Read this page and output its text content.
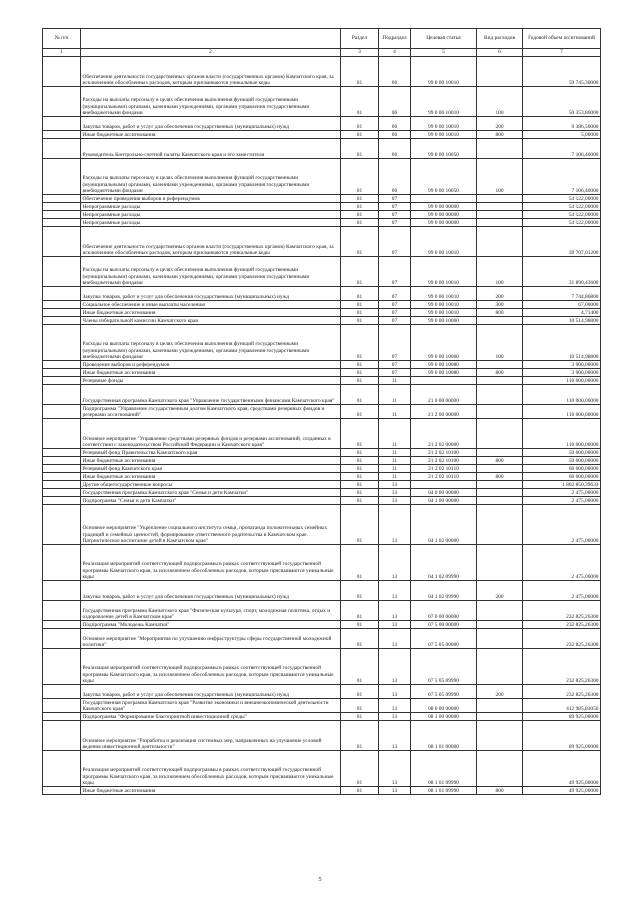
№ п/п		Раздел	Подраздел	Целевая статья	Вид расходов	Годовой объем ассигнований
1	2	3	4	5	6	7
	Обеспечение деятельности государственных органов власти (государственных органов) Камчатского края, за исключением обособленных расходов, которым присваиваются уникальные коды	01	06	99 0 00 10010		59 745,30000
	Расходы на выплаты персоналу в целях обеспечения выполнения функций государственными (муниципальными) органами, казенными учреждениями, органами управления государственными внебюджетными фондами	01	06	99 0 00 10010	100	50 353,80000
	Закупка товаров, работ и услуг для обеспечения государственных (муниципальных) нужд	01	06	99 0 00 10010	200	9 386,50000
	Иные бюджетные ассигнования	01	06	99 0 00 10010	800	5,00000
	Руководитель Контрольно-счетной палаты Камчатского края и его заместители	01	06	99 0 00 10050		7 106,40000
	Расходы на выплаты персоналу в целях обеспечения выполнения функций государственными (муниципальными) органами, казенными учреждениями, органами управления государственными внебюджетными фондами	01	06	99 0 00 10050	100	7 106,40000
	Обеспечение проведения выборов и референдумов	01	07			54 122,00000
	Непрограммные расходы	01	07	99 0 00 00000		54 122,00000
	Непрограммные расходы	01	07	99 0 00 00000		54 122,00000
	Непрограммные расходы	01	07	99 0 00 00000		54 122,00000
	Обеспечение деятельности государственных органов власти (государственных органов) Камчатского края, за исключением обособленных расходов, которым присваиваются уникальные коды	01	07	99 0 00 10010		39 707,01200
	Расходы на выплаты персоналу в целях обеспечения выполнения функций государственными (муниципальными) органами, казенными учреждениями, органами управления государственными внебюджетными фондами	01	07	99 0 00 10010	100	31 890,43600
	Закупка товаров, работ и услуг для обеспечения государственных (муниципальных) нужд	01	07	99 0 00 10010	200	7 744,86800
	Социальное обеспечение и иные выплаты населению	01	07	99 0 00 10010	300	67,00000
	Иные бюджетные ассигнования	01	07	99 0 00 10010	800	4,71400
	Члены избирательной комиссии Камчатского края	01	07	99 0 00 10060		10 514,98800
	Расходы на выплаты персоналу в целях обеспечения выполнения функций государственными (муниципальными) органами, казенными учреждениями, органами управления государственными внебюджетными фондами	01	07	99 0 00 10060	100	10 514,98800
	Проведение выборов и референдумов	01	07	99 0 00 10080		3 900,00000
	Иные бюджетные ассигнования	01	07	99 0 00 10080	800	3 900,00000
	Резервные фонды	01	11			110 000,00000
	Государственная программа Камчатского края "Управление государственными финансами Камчатского края"	01	11	21 0 00 00000		110 000,00000
	Подпрограмма "Управление государственным долгом Камчатского края, средствами резервных фондов и резервами ассигнований"	01	11	21 2 00 00000		110 000,00000
	Основное мероприятие "Управление средствами резервных фондов и резервами ассигнований, созданных в соответствии с законодательством Российской Федерации и Камчатского края"	01	11	21 2 02 00000		110 000,00000
	Резервный фонд Правительства Камчатского края	01	11	21 2 02 10100		50 000,00000
	Иные бюджетные ассигнования	01	11	21 2 02 10100	800	50 000,00000
	Резервный фонд Камчатского края	01	11	21 2 02 10110		60 000,00000
	Иные бюджетные ассигнования	01	11	21 2 02 10110	800	60 000,00000
	Другие общегосударственные вопросы	01	13			1 802 850,39633
	Государственная программа Камчатского края "Семья и дети Камчатки"	01	13	04 0 00 00000		2 475,00000
	Подпрограмма "Семья и дети Камчатки"	01	13	04 1 00 00000		2 475,00000
	Основное мероприятие "Укрепление социального института семьи, пропаганда положительных семейных традиций и семейных ценностей, формирование ответственного родительства в Камчатском крае. Патриотическое воспитание детей в Камчатском крае"	01	13	04 1 02 00000		2 475,00000
	Реализация мероприятий соответствующей подпрограммы в рамках соответствующей государственной программы Камчатского края, за исключением обособленных расходов, которым присваиваются уникальные коды	01	13	04 1 02 09990		2 475,00000
	Закупка товаров, работ и услуг для обеспечения государственных (муниципальных) нужд	01	13	04 1 02 09990	200	2 475,00000
	Государственная программа Камчатского края "Физическая культура, спорт, молодежная политика, отдых и оздоровление детей в Камчатском крае"	01	13	07 0 00 00000		232 825,26300
	Подпрограмма "Молодежь Камчатки"	01	13	07 5 00 00000		232 825,26300
	Основное мероприятие "Мероприятия по улучшению инфраструктуры сферы государственной молодежной политики"	01	13	07 5 05 00000		232 825,26300
	Реализация мероприятий соответствующей подпрограммы в рамках соответствующей государственной программы Камчатского края, за исключением обособленных расходов, которым присваиваются уникальные коды	01	13	07 5 05 09990		232 825,26300
	Закупка товаров, работ и услуг для обеспечения государственных (муниципальных) нужд	01	13	07 5 05 09990	200	232 825,26300
	Государственная программа Камчатского края "Развитие экономики и внешнеэкономической деятельности Камчатского края"	01	13	08 0 00 00000		412 985,83056
	Подпрограмма "Формирование благоприятной инвестиционной среды"	01	13	08 1 00 00000		89 925,00000
	Основное мероприятие "Разработка и реализация системных мер, направленных на улучшение условий ведения инвестиционной деятельности"	01	13	08 1 01 00000		89 925,00000
	Реализация мероприятий соответствующей подпрограммы в рамках соответствующей государственной программы Камчатского края, за исключением обособленных расходов, которым присваиваются уникальные коды	01	13	08 1 01 09990		49 925,00000
	Иные бюджетные ассигнования	01	13	08 1 01 09990	800	49 925,00000
5
